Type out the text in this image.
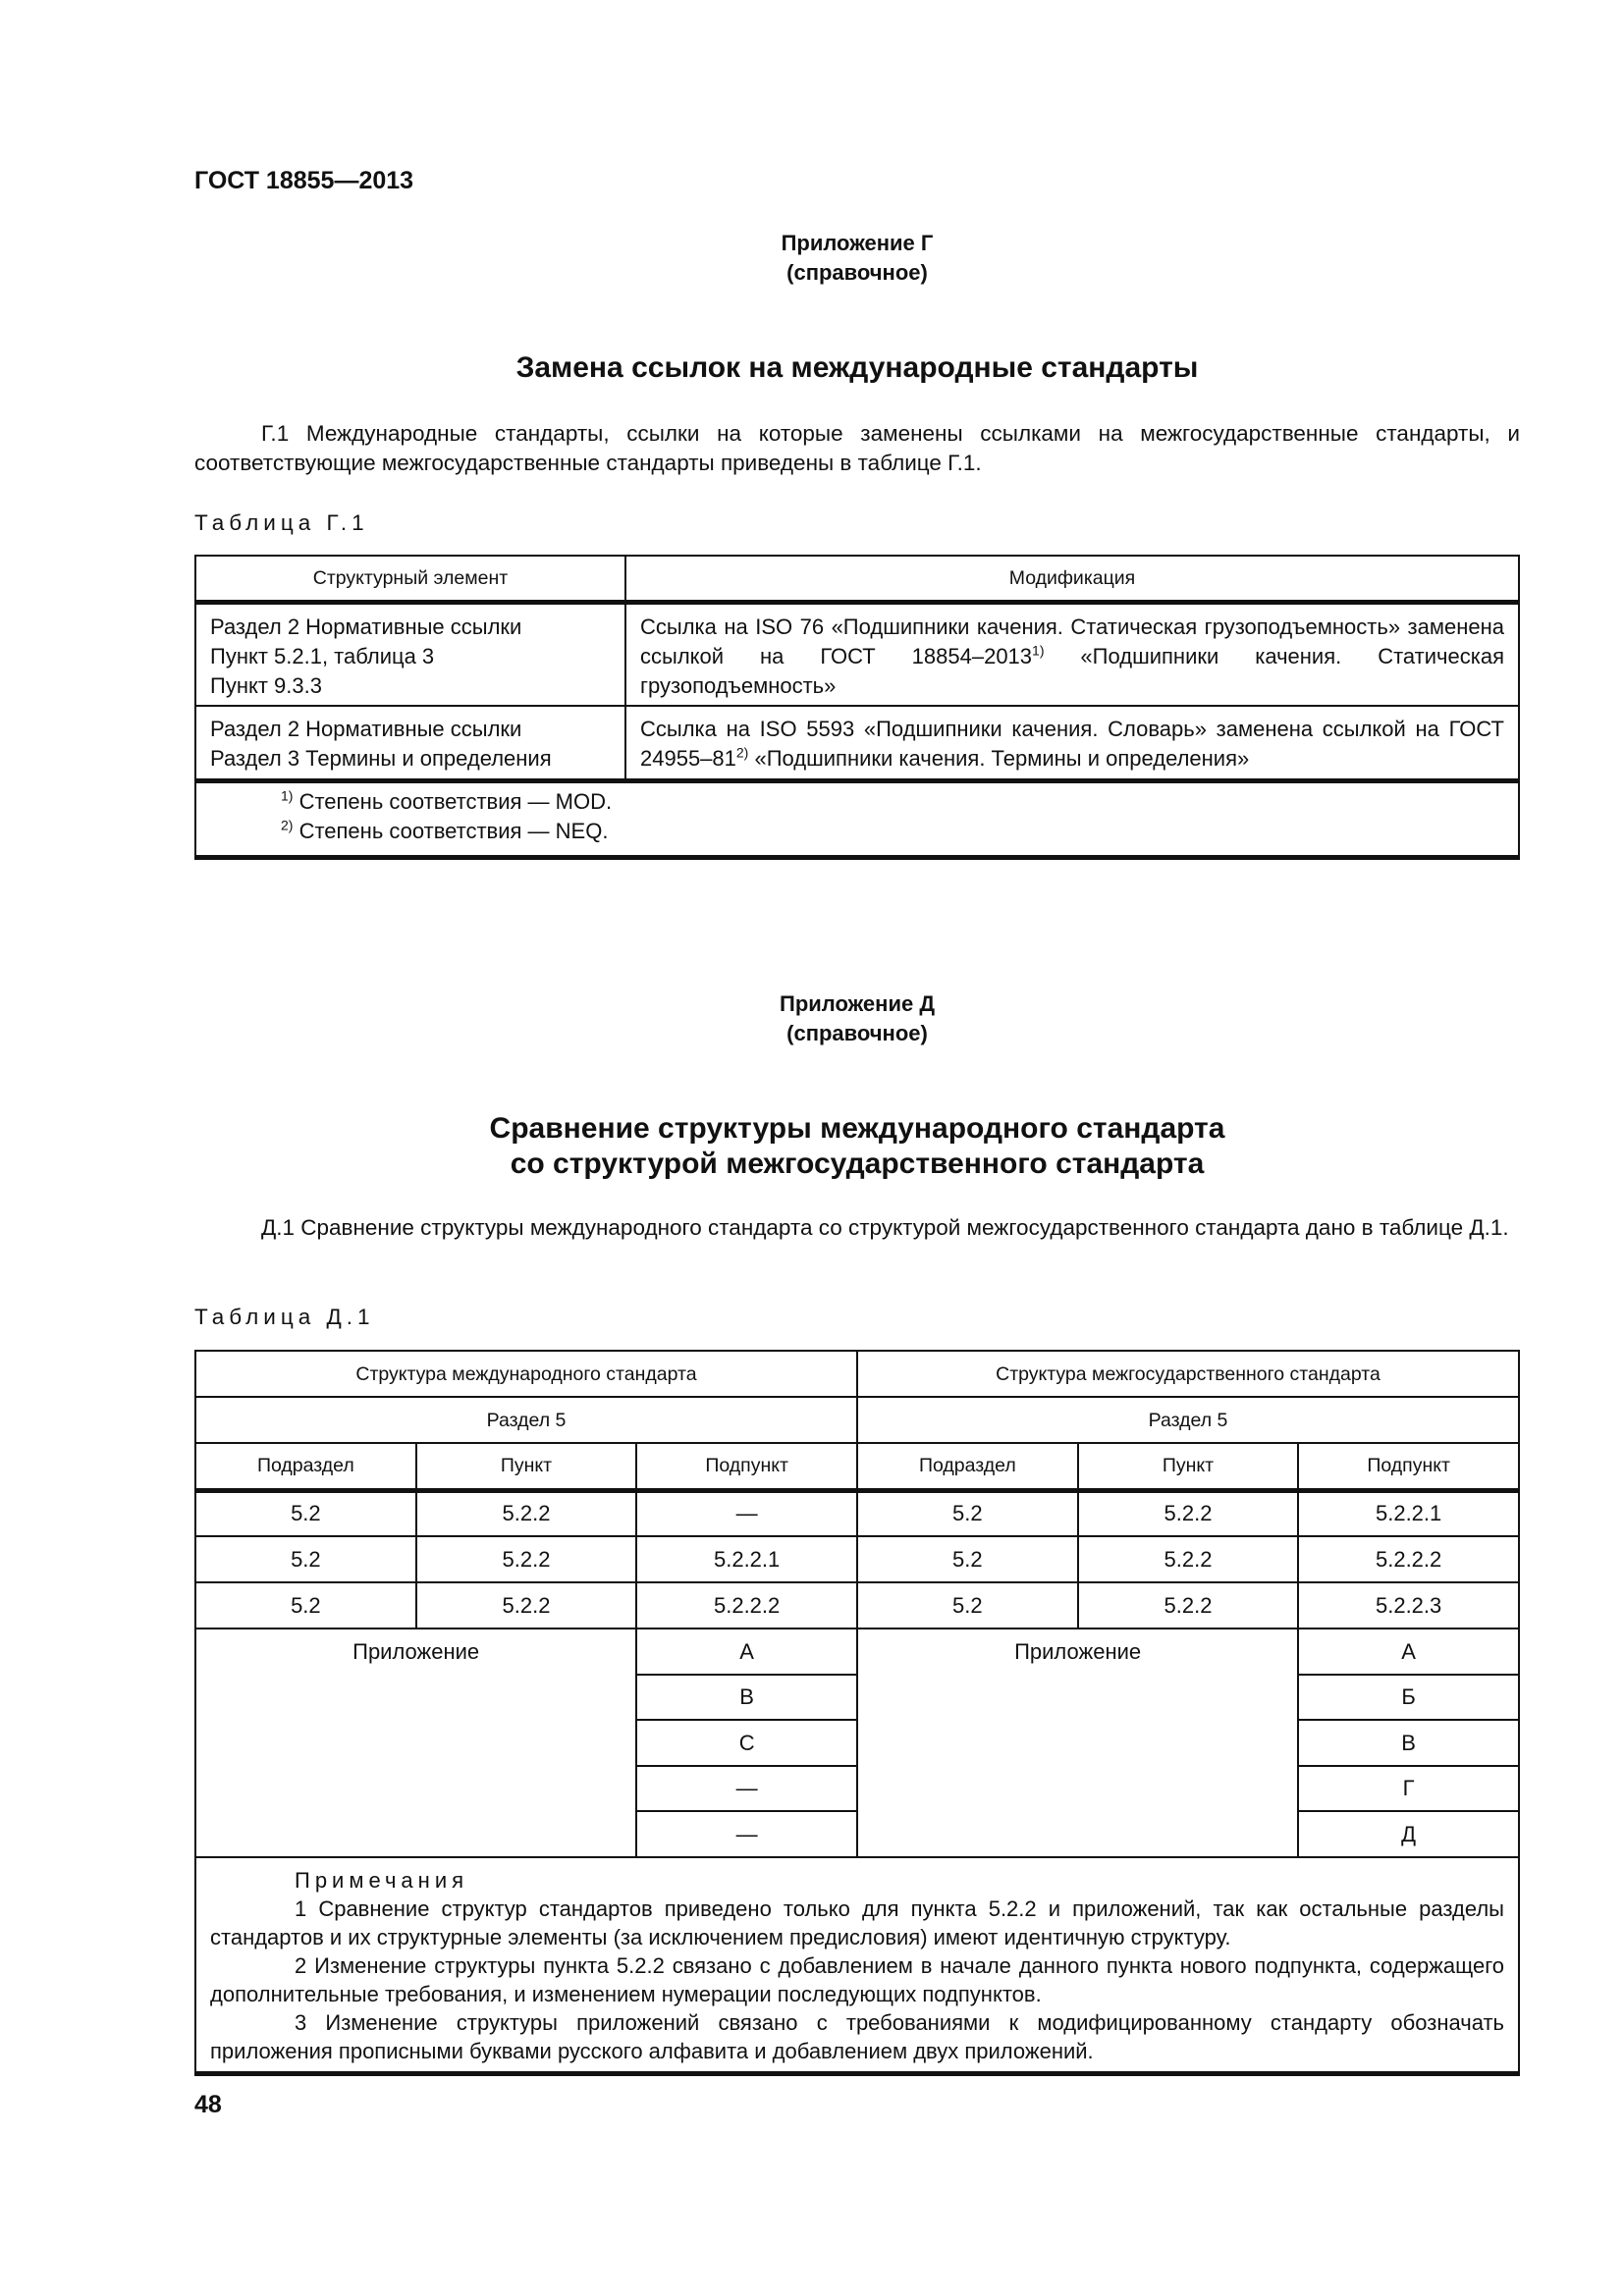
ГОСТ 18855—2013
Приложение Г
(справочное)
Замена ссылок на международные стандарты
Г.1 Международные стандарты, ссылки на которые заменены ссылками на межгосударственные стандарты, и соответствующие межгосударственные стандарты приведены в таблице Г.1.
Таблица Г.1
Структурный элемент	Модификация

Раздел 2 Нормативные ссылки
Пункт 5.2.1, таблица 3
Пункт 9.3.3	Ссылка на ISO 76 «Подшипники качения. Статическая грузоподъемность» заменена ссылкой на ГОСТ 18854–2013$^{1)}$ «Подшипники качения. Статическая грузоподъемность»

Раздел 2 Нормативные ссылки
Раздел 3 Термины и определения	Ссылка на ISO 5593 «Подшипники качения. Словарь» заменена ссылкой на ГОСТ 24955–81$^{2)}$ «Подшипники качения. Термины и определения»

$^{1)}$ Степень соответствия — MOD.
$^{2)}$ Степень соответствия — NEQ.	
Приложение Д
(справочное)
Сравнение структуры международного стандарта
со структурой межгосударственного стандарта
Д.1 Сравнение структуры международного стандарта со структурой межгосударственного стандарта дано в таблице Д.1.
Таблица Д.1
Структура международного стандарта			Структура межгосударственного стандарта		
Раздел 5			Раздел 5		
Подраздел	Пункт	Подпункт	Подраздел	Пункт	Подпункт
5.2	5.2.2	—	5.2	5.2.2	5.2.2.1
5.2	5.2.2	5.2.2.1	5.2	5.2.2	5.2.2.2
5.2	5.2.2	5.2.2.2	5.2	5.2.2	5.2.2.3
Приложение		A	Приложение		А
		B			Б
		C			В
		—			Г
		—			Д

Примечания
1 Сравнение структур стандартов приведено только для пункта 5.2.2 и приложений, так как остальные разделы стандартов и их структурные элементы (за исключением предисловия) имеют идентичную структуру.
2 Изменение структуры пункта 5.2.2 связано с добавлением в начале данного пункта нового подпункта, содержащего дополнительные требования, и изменением нумерации последующих подпунктов.
3 Изменение структуры приложений связано с требованиями к модифицированному стандарту обозначать приложения прописными буквами русского алфавита и добавлением двух приложений.					
48
